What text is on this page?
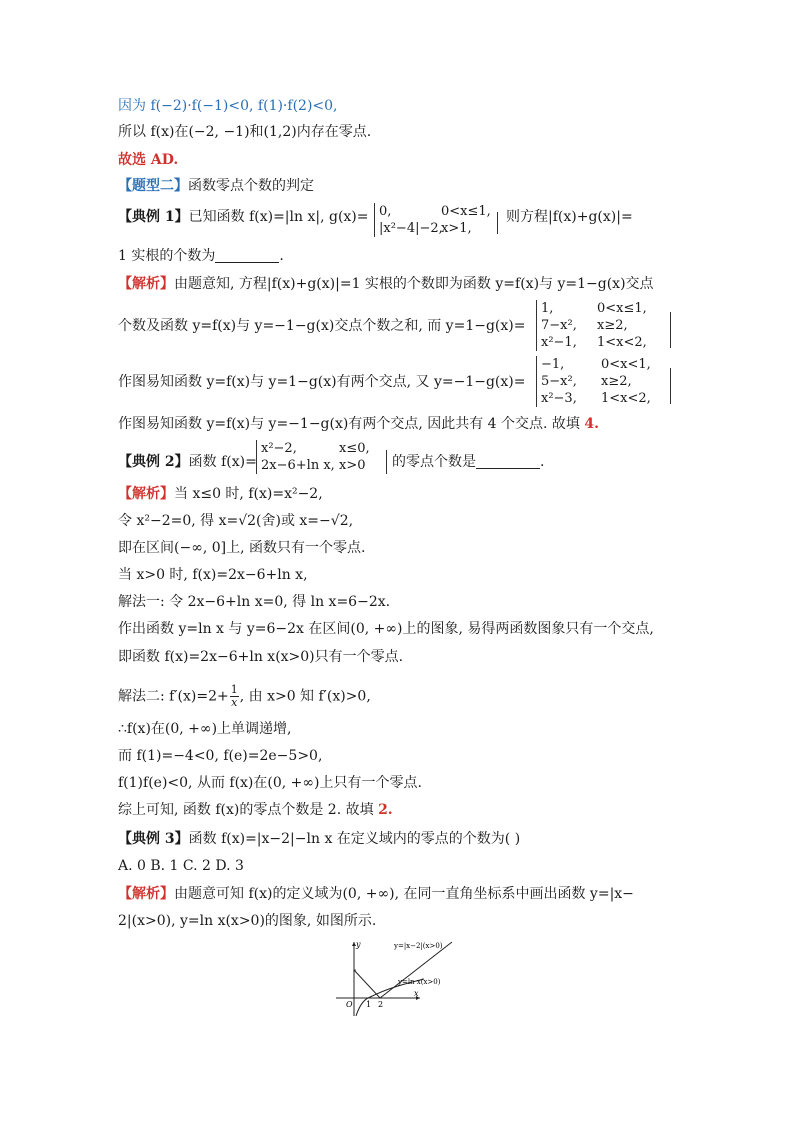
因为 f(−2)·f(−1)<0, f(1)·f(2)<0,
所以 f(x)在(−2, −1)和(1,2)内存在零点.
故选 AD.
【题型二】函数零点个数的判定
【典例 1】已知函数 f(x)=|ln x|, g(x)= 0,	0<x≤1,
|x²−4|−2,
x>1,
则方程|f(x)+g(x)|=
1 实根的个数为	.
【解析】由题意知, 方程|f(x)+g(x)|=1 实根的个数即为函数 y=f(x)与 y=1−g(x)交点
个数及函数 y=f(x)与 y=−1−g(x)交点个数之和, 而 y=1−g(x)=
1,	0<x≤1,
7−x², x≥2,
x²−1, 1<x<2,
作图易知函数 y=f(x)与 y=1−g(x)有两个交点, 又 y=−1−g(x)=
−1,	0<x<1,
5−x², x≥2,
x²−3, 1<x<2,
作图易知函数 y=f(x)与 y=−1−g(x)有两个交点, 因此共有 4 个交点. 故填 4.
【典例 2】函数 f(x)=
x²−2,	x≤0,
2x−6+ln x, x>0 的零点个数是	.
【解析】当 x≤0 时, f(x)=x²−2,
令 x²−2=0, 得 x=√2(舍)或 x=−√2,
即在区间(−∞, 0]上, 函数只有一个零点.
当 x>0 时, f(x)=2x−6+ln x,
解法一: 令 2x−6+ln x=0, 得 ln x=6−2x.
作出函数 y=ln x 与 y=6−2x 在区间(0, +∞)上的图象, 易得两函数图象只有一个交点,
即函数 f(x)=2x−6+ln x(x>0)只有一个零点.
解法二: $f'(x)=2+ \frac{1}{x}$ , 由 x>0 知 f′(x)>0,
∴f(x)在(0, +∞)上单调递增,
而 f(1)=−4<0, f(e)=2e−5>0,
f(1)f(e)<0, 从而 f(x)在(0, +∞)上只有一个零点.
综上可知, 函数 f(x)的零点个数是 2. 故填 2.
【典例 3】函数 f(x)=|x−2|−ln x 在定义域内的零点的个数为( )
A. 0 B. 1 C. 2 D. 3
【解析】由题意可知 f(x)的定义域为(0, +∞), 在同一直角坐标系中画出函数 y=|x−
2|(x>0), y=ln x(x>0)的图象, 如图所示.
y
x
O 1 2
y=|x−2|(x>0)
y=ln x(x>0)
